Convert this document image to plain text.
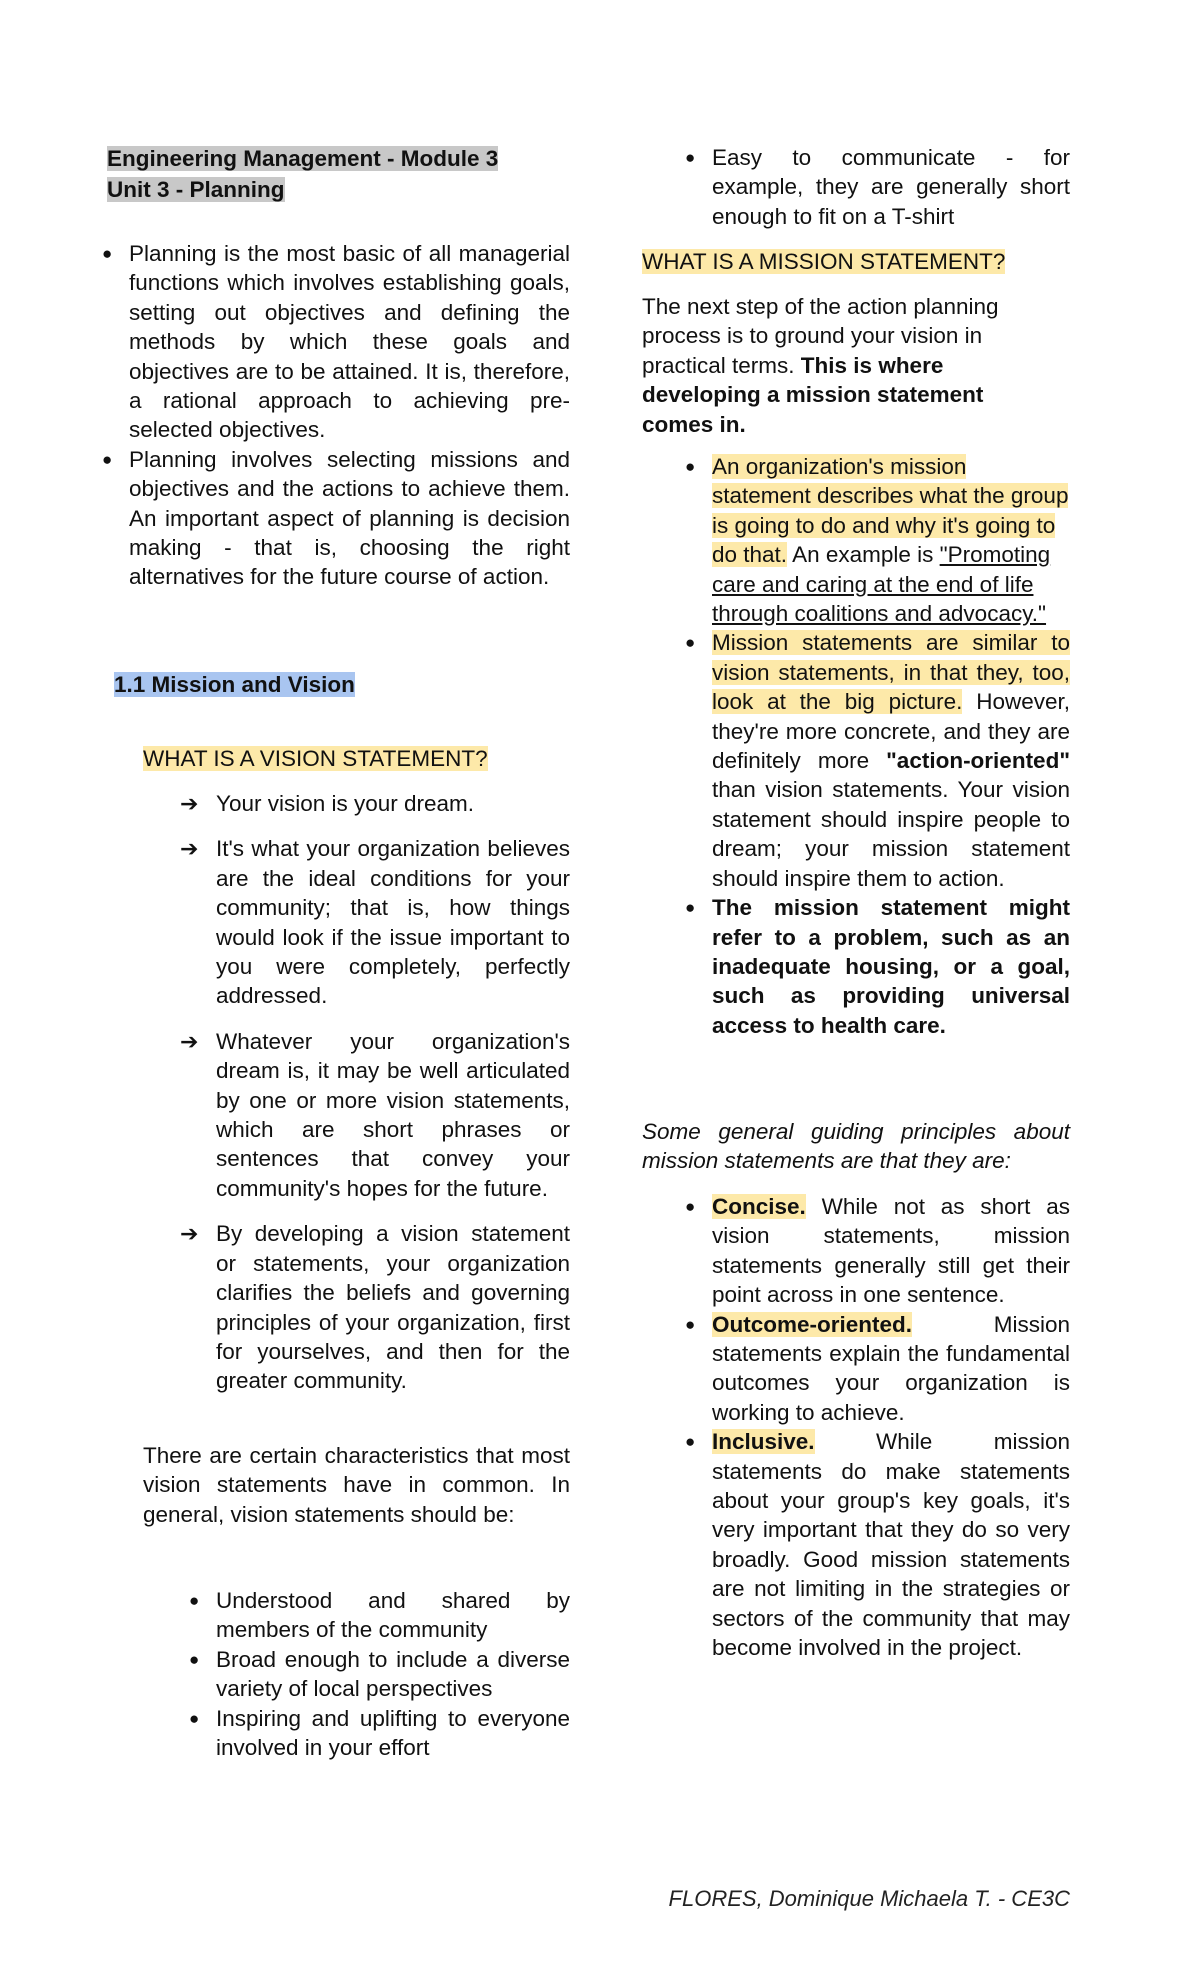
Engineering Management - Module 3
Unit 3 - Planning

● Planning is the most basic of all managerial functions which involves establishing goals, setting out objectives and defining the methods by which these goals and objectives are to be attained. It is, therefore, a rational approach to achieving pre-selected objectives.

● Planning involves selecting missions and objectives and the actions to achieve them. An important aspect of planning is decision making - that is, choosing the right alternatives for the future course of action.

1.1 Mission and Vision
WHAT IS A VISION STATEMENT?

➔ Your vision is your dream.

➔ It's what your organization believes are the ideal conditions for your community; that is, how things would look if the issue important to you were completely, perfectly addressed.

➔ Whatever your organization's dream is, it may be well articulated by one or more vision statements, which are short phrases or sentences that convey your community's hopes for the future.

➔ By developing a vision statement or statements, your organization clarifies the beliefs and governing principles of your organization, first for yourselves, and then for the greater community.

There are certain characteristics that most vision statements have in common. In general, vision statements should be:

● Understood and shared by members of the community

● Broad enough to include a diverse variety of local perspectives

● Inspiring and uplifting to everyone involved in your effort

● Easy to communicate - for example, they are generally short enough to fit on a T-shirt

WHAT IS A MISSION STATEMENT?
The next step of the action planning process is to ground your vision in practical terms. This is where developing a mission statement comes in.

● An organization's mission statement describes what the group is going to do and why it's going to do that. An example is "Promoting care and caring at the end of life through coalitions and advocacy."

● Mission statements are similar to vision statements, in that they, too, look at the big picture. However, they're more concrete, and they are definitely more "action-oriented" than vision statements. Your vision statement should inspire people to dream; your mission statement should inspire them to action.

● The mission statement might refer to a problem, such as an inadequate housing, or a goal, such as providing universal access to health care.

Some general guiding principles about mission statements are that they are:

● Concise. While not as short as vision statements, mission statements generally still get their point across in one sentence.

● Outcome-oriented. Mission statements explain the fundamental outcomes your organization is working to achieve.

● Inclusive. While mission statements do make statements about your group's key goals, it's very important that they do so very broadly. Good mission statements are not limiting in the strategies or sectors of the community that may become involved in the project.

FLORES, Dominique Michaela T. - CE3C
